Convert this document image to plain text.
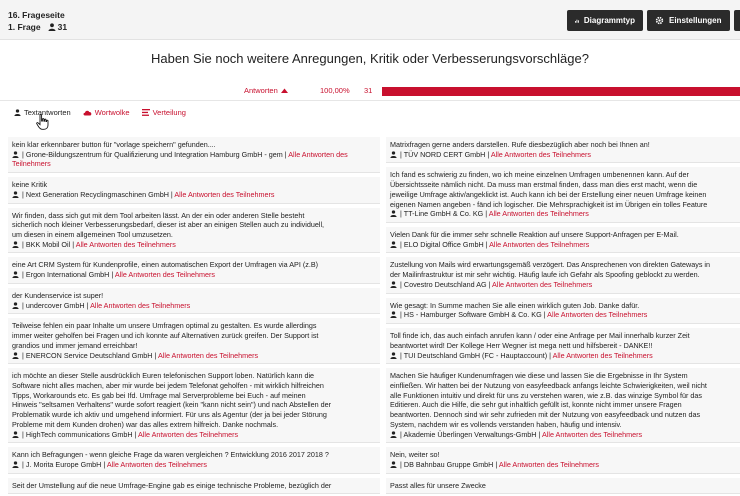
16. Frageseite
1. Frage 31
Diagrammtyp	Einstellungen
Haben Sie noch weitere Anregungen, Kritik oder Verbesserungsvorschläge?
Antworten	100,00% 31
Textantworten	Wortwolke	Verteilung
kein klar erkennbarer button für "vorlage speichern" gefunden....
| Grone-Bildungszentrum für Qualifizierung und Integration Hamburg GmbH - gem | Alle Antworten des Teilnehmers
keine Kritik
| Next Generation Recyclingmaschinen GmbH | Alle Antworten des Teilnehmers
Wir finden, dass sich gut mit dem Tool arbeiten lässt. An der ein oder anderen Stelle besteht
sicherlich noch kleiner Verbesserungsbedarf, dieser ist aber an einigen Stellen auch zu individuell,
um diesen in einem allgemeinen Tool umzusetzen.
| BKK Mobil Oil | Alle Antworten des Teilnehmers
eine Art CRM System für Kundenprofile, einen automatischen Export der Umfragen via API (z.B)
| Ergon International GmbH | Alle Antworten des Teilnehmers
der Kundenservice ist super!
| undercover GmbH | Alle Antworten des Teilnehmers
Teilweise fehlen ein paar Inhalte um unsere Umfragen optimal zu gestalten. Es wurde allerdings
immer weiter geholfen bei Fragen und ich konnte auf Alternativen zurück greifen. Der Support ist
grandios und immer jemand erreichbar!
| ENERCON Service Deutschland GmbH | Alle Antworten des Teilnehmers
ich möchte an dieser Stelle ausdrücklich Euren telefonischen Support loben. Natürlich kann die
Software nicht alles machen, aber mir wurde bei jedem Telefonat geholfen - mit wirklich hilfreichen
Tipps, Workarounds etc. Es gab bei Ifd. Umfrage mal Serverprobleme bei Euch - auf meinen
Hinweis "seltsamen Verhaltens" wurde sofort reagiert (kein "kann nicht sein") und nach Abstellen der
Problematik wurde ich aktiv und umgehend informiert. Für uns als Agentur (der ja bei jeder Störung
Probleme mit dem Kunden drohen) war das alles extrem hilfreich. Danke nochmals.
| HighTech communications GmbH | Alle Antworten des Teilnehmers
Kann ich Befragungen - wenn gleiche Frage da waren vergleichen ? Entwicklung 2016 2017 2018 ?
| J. Morita Europe GmbH | Alle Antworten des Teilnehmers
Seit der Umstellung auf die neue Umfrage-Engine gab es einige technische Probleme, bezüglich der
Matrixfragen gerne anders darstellen. Rufe diesbezüglich aber noch bei Ihnen an!
| TÜV NORD CERT GmbH | Alle Antworten des Teilnehmers
Ich fand es schwierig zu finden, wo ich meine einzelnen Umfragen umbenennen kann. Auf der
Übersichtsseite nämlich nicht. Da muss man erstmal finden, dass man dies erst macht, wenn die
jeweilige Umfrage aktiv/angeklickt ist. Auch kann ich bei der Erstellung einer neuen Umfrage keinen
eigenen Namen angeben - fänd ich logischer. Die Mehrsprachigkeit ist im Übrigen ein tolles Feature
| TT-Line GmbH & Co. KG | Alle Antworten des Teilnehmers
Vielen Dank für die immer sehr schnelle Reaktion auf unsere Support-Anfragen per E-Mail.
| ELO Digital Office GmbH | Alle Antworten des Teilnehmers
Zustellung von Mails wird erwartungsgemäß verzögert. Das Ansprechenen von direkten Gateways in
der Mailinfrastruktur ist mir sehr wichtig. Häufig laufe ich Gefahr als Spoofing geblockt zu werden.
| Covestro Deutschland AG | Alle Antworten des Teilnehmers
Wie gesagt: In Summe machen Sie alle einen wirklich guten Job. Danke dafür.
| HS - Hamburger Software GmbH & Co. KG | Alle Antworten des Teilnehmers
Toll finde ich, das auch einfach anrufen kann / oder eine Anfrage per Mail innerhalb kurzer Zeit
beantwortet wird! Der Kollege Herr Wegner ist mega nett und hilfsbereit - DANKE!!
| TUI Deutschland GmbH (FC - Hauptaccount) | Alle Antworten des Teilnehmers
Machen Sie häufiger Kundenumfragen wie diese und lassen Sie die Ergebnisse in Ihr System
einfließen. Wir hatten bei der Nutzung von easyfeedback anfangs leichte Schwierigkeiten, weil nicht
alle Funktionen intuitiv und direkt für uns zu verstehen waren, wie z.B. das winzige Symbol für das
Editieren. Auch die Hilfe, die sehr gut inhaltlich gefüllt ist, konnte nicht immer unsere Fragen
beantworten. Dennoch sind wir sehr zufrieden mit der Nutzung von easyfeedback und nutzen das
System, nachdem wir es vollends verstanden haben, häufig und intensiv.
| Akademie Überlingen Verwaltungs-GmbH | Alle Antworten des Teilnehmers
Nein, weiter so!
| DB Bahnbau Gruppe GmbH | Alle Antworten des Teilnehmers
Passt alles für unsere Zwecke
